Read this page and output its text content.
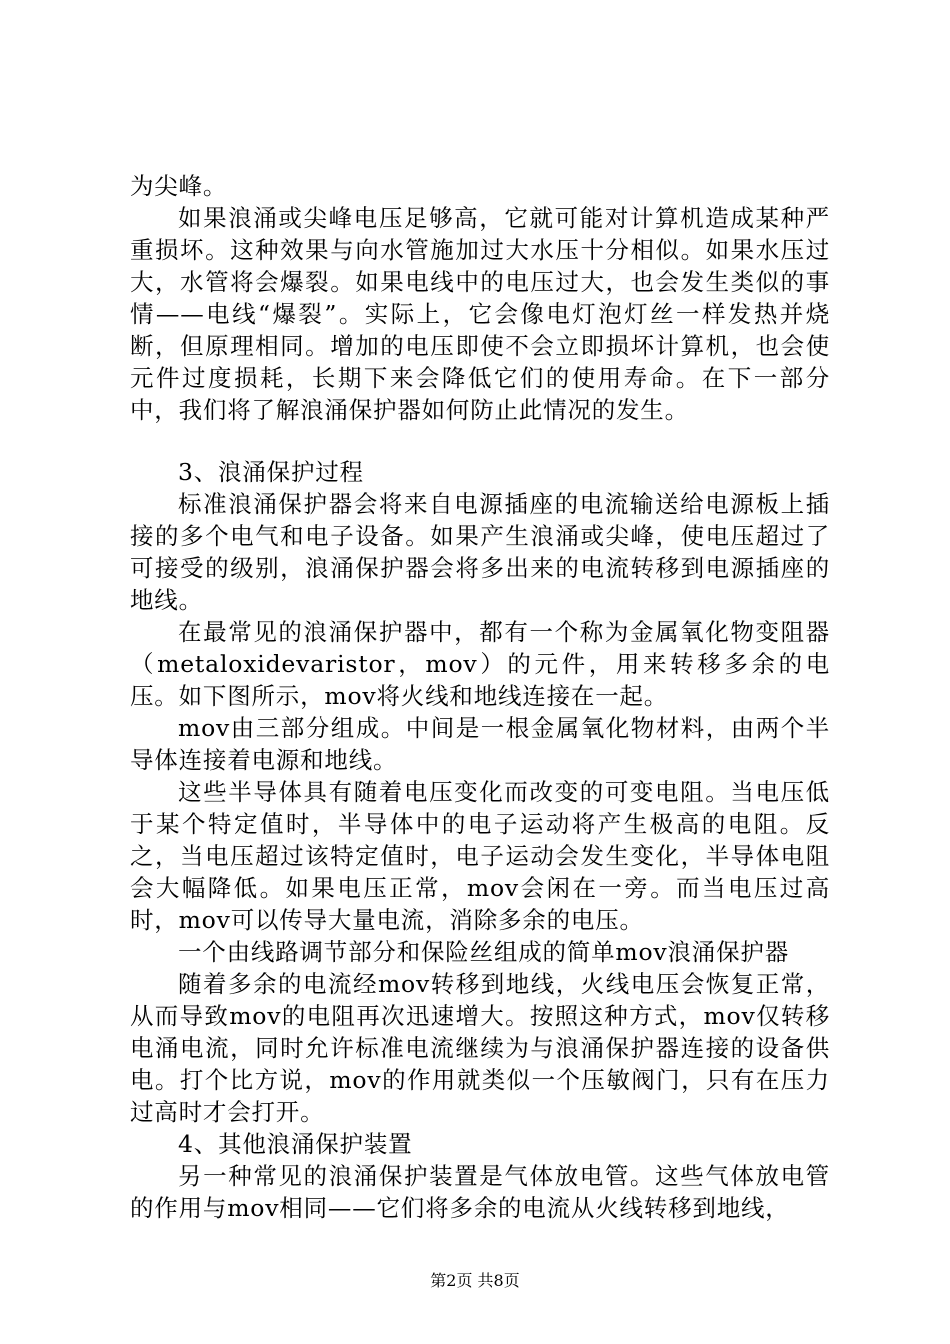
为尖峰。

如果浪涌或尖峰电压足够高，它就可能对计算机造成某种严重损坏。这种效果与向水管施加过大水压十分相似。如果水压过大，水管将会爆裂。如果电线中的电压过大，也会发生类似的事情——电线“爆裂”。实际上，它会像电灯泡灯丝一样发热并烧断，但原理相同。增加的电压即使不会立即损坏计算机，也会使元件过度损耗，长期下来会降低它们的使用寿命。在下一部分中，我们将了解浪涌保护器如何防止此情况的发生。

3、浪涌保护过程

标准浪涌保护器会将来自电源插座的电流输送给电源板上插接的多个电气和电子设备。如果产生浪涌或尖峰，使电压超过了可接受的级别，浪涌保护器会将多出来的电流转移到电源插座的地线。

在最常见的浪涌保护器中，都有一个称为金属氧化物变阻器（metaloxidevaristor，mov）的元件，用来转移多余的电压。如下图所示，mov将火线和地线连接在一起。

mov由三部分组成。中间是一根金属氧化物材料，由两个半导体连接着电源和地线。

这些半导体具有随着电压变化而改变的可变电阻。当电压低于某个特定值时，半导体中的电子运动将产生极高的电阻。反之，当电压超过该特定值时，电子运动会发生变化，半导体电阻会大幅降低。如果电压正常，mov会闲在一旁。而当电压过高时，mov可以传导大量电流，消除多余的电压。

一个由线路调节部分和保险丝组成的简单mov浪涌保护器

随着多余的电流经mov转移到地线，火线电压会恢复正常，从而导致mov的电阻再次迅速增大。按照这种方式，mov仅转移电涌电流，同时允许标准电流继续为与浪涌保护器连接的设备供电。打个比方说，mov的作用就类似一个压敏阀门，只有在压力过高时才会打开。

4、其他浪涌保护装置

另一种常见的浪涌保护装置是气体放电管。这些气体放电管的作用与mov相同——它们将多余的电流从火线转移到地线，

第2页 共8页
